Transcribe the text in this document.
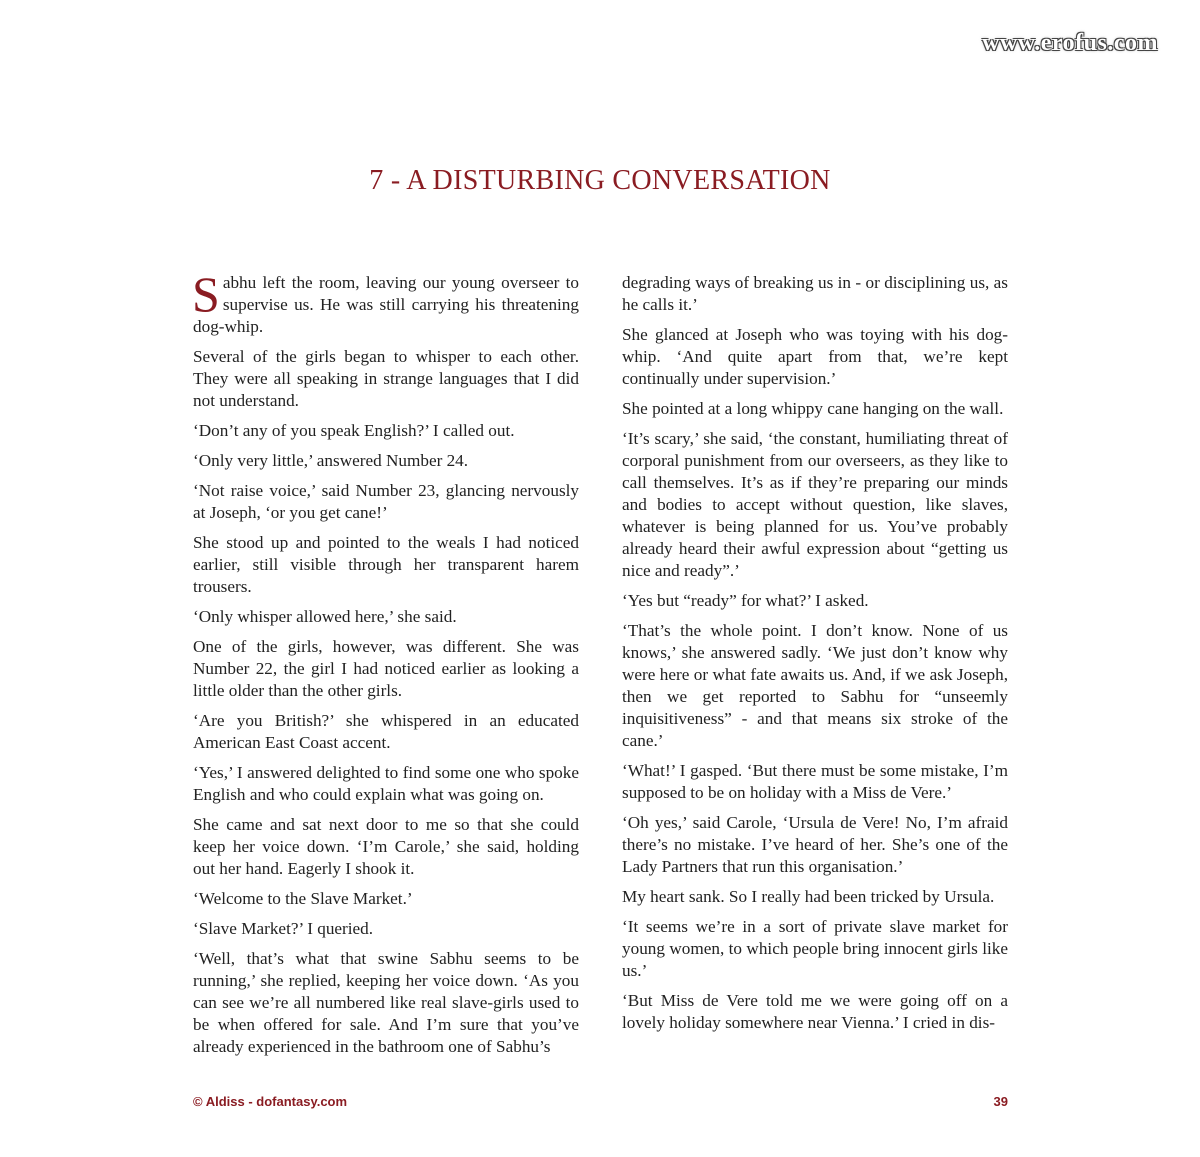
www.erofus.com
7 - A DISTURBING CONVERSATION

Sabhu left the room, leaving our young overseer to supervise us. He was still carrying his threatening dog-whip.

Several of the girls began to whisper to each other. They were all speaking in strange languages that I did not understand.

‘Don’t any of you speak English?’ I called out.

‘Only very little,’ answered Number 24.

‘Not raise voice,’ said Number 23, glancing nervously at Joseph, ‘or you get cane!’

She stood up and pointed to the weals I had noticed earlier, still visible through her transparent harem trousers.

‘Only whisper allowed here,’ she said.

One of the girls, however, was different. She was Number 22, the girl I had noticed earlier as looking a little older than the other girls.

‘Are you British?’ she whispered in an educated American East Coast accent.

‘Yes,’ I answered delighted to find some one who spoke English and who could explain what was going on.

She came and sat next door to me so that she could keep her voice down. ‘I’m Carole,’ she said, holding out her hand. Eagerly I shook it.

‘Welcome to the Slave Market.’

‘Slave Market?’ I queried.

‘Well, that’s what that swine Sabhu seems to be running,’ she replied, keeping her voice down. ‘As you can see we’re all numbered like real slave-girls used to be when offered for sale. And I’m sure that you’ve already experienced in the bathroom one of Sabhu’s

degrading ways of breaking us in - or disciplining us, as he calls it.’

She glanced at Joseph who was toying with his dog-whip. ‘And quite apart from that, we’re kept continually under supervision.’

She pointed at a long whippy cane hanging on the wall.

‘It’s scary,’ she said, ‘the constant, humiliating threat of corporal punishment from our overseers, as they like to call themselves. It’s as if they’re preparing our minds and bodies to accept without question, like slaves, whatever is being planned for us. You’ve probably already heard their awful expression about “getting us nice and ready”.’

‘Yes but “ready” for what?’ I asked.

‘That’s the whole point. I don’t know. None of us knows,’ she answered sadly. ‘We just don’t know why were here or what fate awaits us. And, if we ask Joseph, then we get reported to Sabhu for “unseemly inquisitiveness” - and that means six stroke of the cane.’

‘What!’ I gasped. ‘But there must be some mistake, I’m supposed to be on holiday with a Miss de Vere.’

‘Oh yes,’ said Carole, ‘Ursula de Vere! No, I’m afraid there’s no mistake. I’ve heard of her. She’s one of the Lady Partners that run this organisation.’

My heart sank. So I really had been tricked by Ursula.

‘It seems we’re in a sort of private slave market for young women, to which people bring innocent girls like us.’

‘But Miss de Vere told me we were going off on a lovely holiday somewhere near Vienna.’ I cried in dis-

© Aldiss - dofantasy.com	39
